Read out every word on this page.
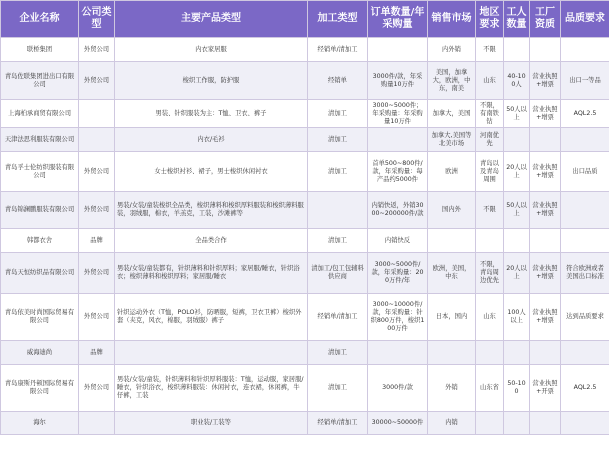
企业名称	公司类型	主要产品类型	加工类型	订单数量/年采购量	销售市场	地区要求	工人数量	工厂资质	品质要求
联桥集团	外贸公司	内衣家居服	经销单/清加工		内外销	不限			
青岛佐联集团进出口有限公司	外贸公司	梭织工作服，防护服	经销单	3000件/款，年采购量10万件	美国，加拿大，欧洲，中东，南美	山东	40-100人	营业执照+增票	出口一等品
上海柏承商贸有限公司		男装、针织服装为主：T恤、卫衣、裤子	清加工	3000~5000件；年采购量：年采购量10万件	加拿大，美国	不限，有南铁钻	50人以上	营业执照+增票	AQL2.5
天津法思利服装有限公司		内衣/毛衫	清加工		加拿大,美国等北美市场	河南优先			
青岛孚士伦纺织服装有限公司	外贸公司	女士梭织衬衫、裙子，男士梭织休闲衬衣	清加工	首单500~800件/款，年采购量：每产品约5000件	欧洲	青岛以及青岛周围	20人以上	营业执照+增票	出口品质
青岛锦澜鹏服装有限公司	外贸公司	男装/女装/童装梭织全品类，梭织薄料和梭织厚料服装和梭织薄料服装，羽绒服，棉衣，羊羔克，工装，沙滩裤等		内销快返，外销3000~200000件/款	国内外	不限	50人以上	营业执照+增票	
韩都衣舍	品牌	全品类合作	清加工	内销快反					
青岛天恒纺织品有限公司	外贸公司	男装/女装/童装都有，针织薄料和针织厚料；家居服/睡衣，针织浴衣；梭织薄料和梭织厚料；家居服/睡衣	清加工/包工包辅料供应商	3000~5000件/款，年采购量：200万件/年	欧洲，美国，中东	不限，青岛周边优先	20人以上	营业执照+增票	符合欧洲或者美国出口标准
青岛依美时尚国际贸易有限公司	外贸公司	针织运动外衣（T恤，POLO衫，防晒服，短裤，卫衣卫裤）梭织外套（夹克，风衣，棉服，羽绒服）裤子	经销单/清加工	3000~10000件/款，年采购量：针织800万件，梭织100万件	日本，国内	山东	100人以上	营业执照+增票	达到品质要求
威海迪尚	品牌		清加工						
青岛康斯丹顿国际贸易有限公司	外贸公司	男装/女装/童装，针织薄料和针织厚料服装：T恤，运动服，家居服/睡衣，针织浴衣，梭织薄料服装：休闲衬衣，连衣裙，休闲裤，牛仔裤，工装	清加工	3000件/款	外销	山东省	50-100	营业执照+开票	AQL2.5
海尔		职业装/工装等	经销单/清加工	30000~50000件	内销				
